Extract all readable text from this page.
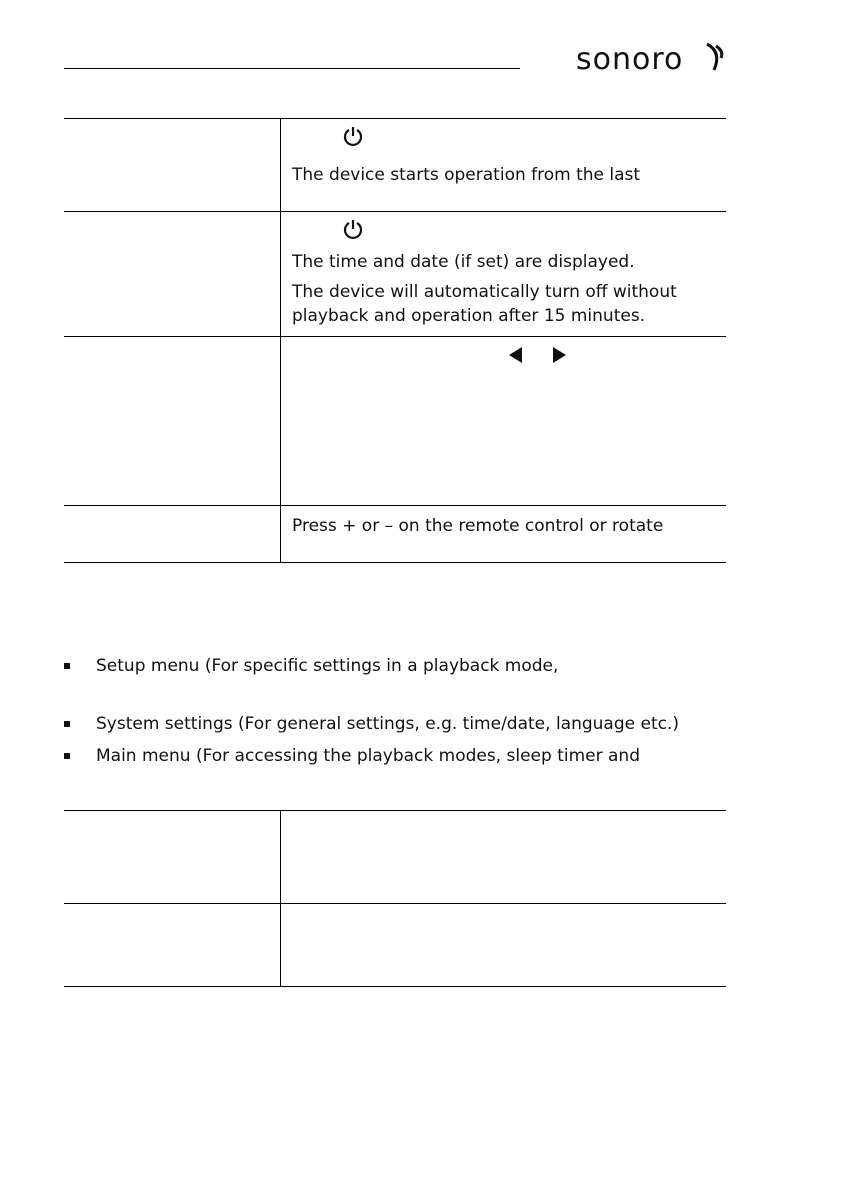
sonoro

The device starts operation from the last

The time and date (if set) are displayed.

The device will automatically turn off without

playback and operation after 15 minutes.

Press + or – on the remote control or rotate

Setup menu (For specific settings in a playback mode,
System settings (For general settings, e.g. time/date, language etc.)
Main menu (For accessing the playback modes, sleep timer and
